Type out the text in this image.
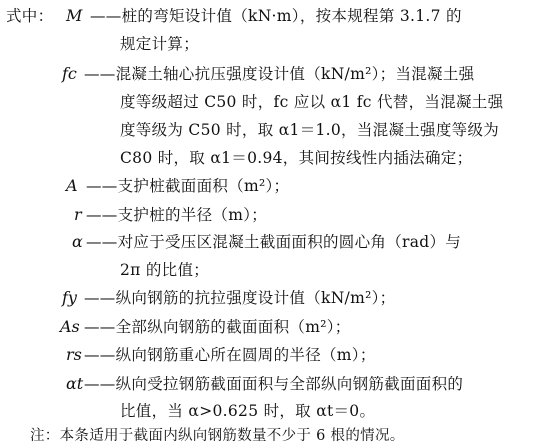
式中： M ——桩的弯矩设计值（kN·m），按本规程第 3.1.7 的
规定计算；
fc ——混凝土轴心抗压强度设计值（kN/m²）；当混凝土强
度等级超过 C50 时，fc 应以 α1 fc 代替，当混凝土强
度等级为 C50 时，取 α1＝1.0，当混凝土强度等级为
C80 时，取 α1＝0.94，其间按线性内插法确定；
A ——支护桩截面面积（m²）；
r ——支护桩的半径（m）；
α ——对应于受压区混凝土截面面积的圆心角（rad）与
2π 的比值；
fy ——纵向钢筋的抗拉强度设计值（kN/m²）；
As ——全部纵向钢筋的截面面积（m²）；
rs ——纵向钢筋重心所在圆周的半径（m）；
αt ——纵向受拉钢筋截面面积与全部纵向钢筋截面面积的
比值，当 α>0.625 时，取 αt＝0。
注：本条适用于截面内纵向钢筋数量不少于 6 根的情况。
